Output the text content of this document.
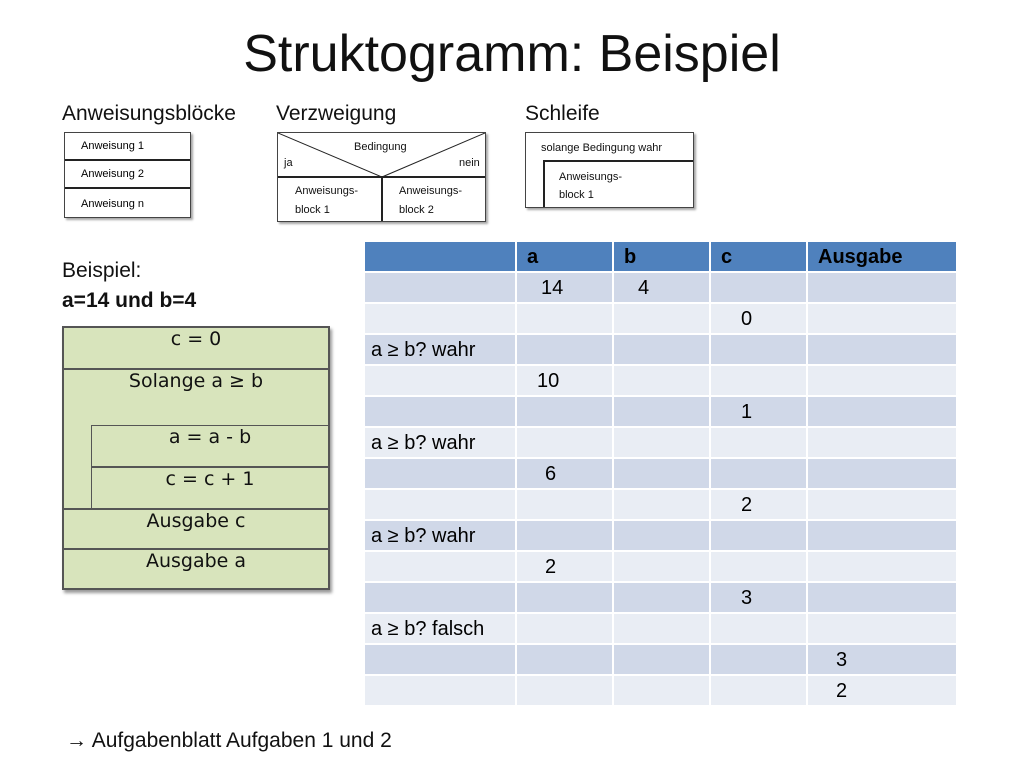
Struktogramm: Beispiel
Anweisungsblöcke Verzweigung	Schleife
Anweisung 1
Anweisung 2
Anweisung n
Bedingung
ja	nein
Anweisungs-
block 1
Anweisungs-
block 2
solange Bedingung wahr
Anweisungs-
block 1
Beispiel:
a=14 und b=4
c = 0
Solange a ≥ b
a = a - b
c = c + 1
Ausgabe c
Ausgabe a
	a	b	c	Ausgabe
	14	4		
			0	
a ≥ b? wahr				
	10			
			1	
a ≥ b? wahr				
	6			
			2	
a ≥ b? wahr				
	2			
			3	
a ≥ b? falsch				
				3
				2
→ Aufgabenblatt Aufgaben 1 und 2
